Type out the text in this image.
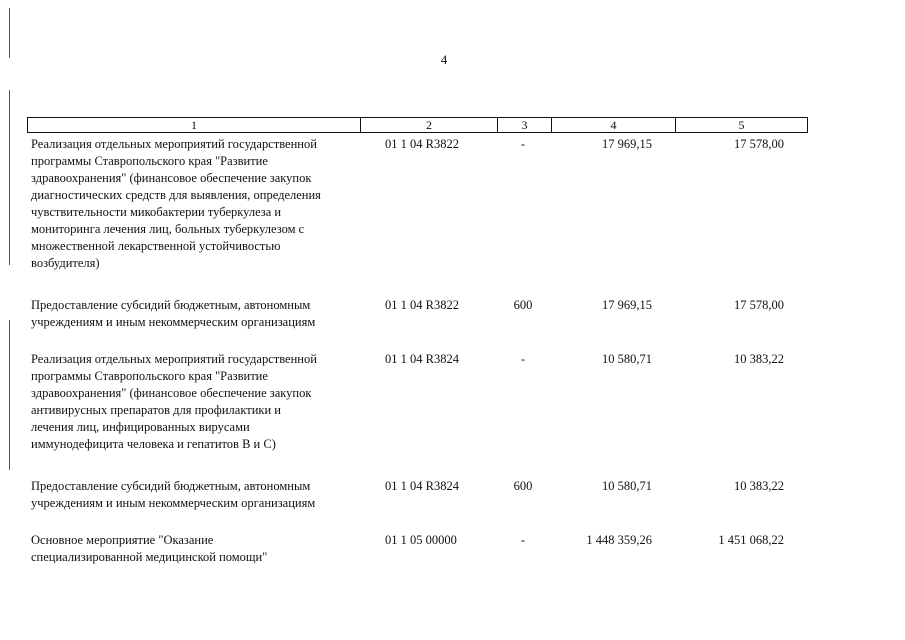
4
1	2	3	4	5
Реализация отдельных мероприятий государственной
программы Ставропольского края "Развитие
здравоохранения" (финансовое обеспечение закупок
диагностических средств для выявления, определения
чувствительности микобактерии туберкулеза и
мониторинга лечения лиц, больных туберкулезом с
множественной лекарственной устойчивостью
возбудителя)
01 1 04 R3822	-	17 969,15	17 578,00
Предоставление субсидий бюджетным, автономным
учреждениям и иным некоммерческим организациям
01 1 04 R3822	600	17 969,15	17 578,00
Реализация отдельных мероприятий государственной
программы Ставропольского края "Развитие
здравоохранения" (финансовое обеспечение закупок
антивирусных препаратов для профилактики и
лечения лиц, инфицированных вирусами
иммунодефицита человека и гепатитов В и С)
01 1 04 R3824	-	10 580,71	10 383,22
Предоставление субсидий бюджетным, автономным
учреждениям и иным некоммерческим организациям
01 1 04 R3824	600	10 580,71	10 383,22
Основное мероприятие "Оказание
специализированной медицинской помощи"
01 1 05 00000	-	1 448 359,26	1 451 068,22
